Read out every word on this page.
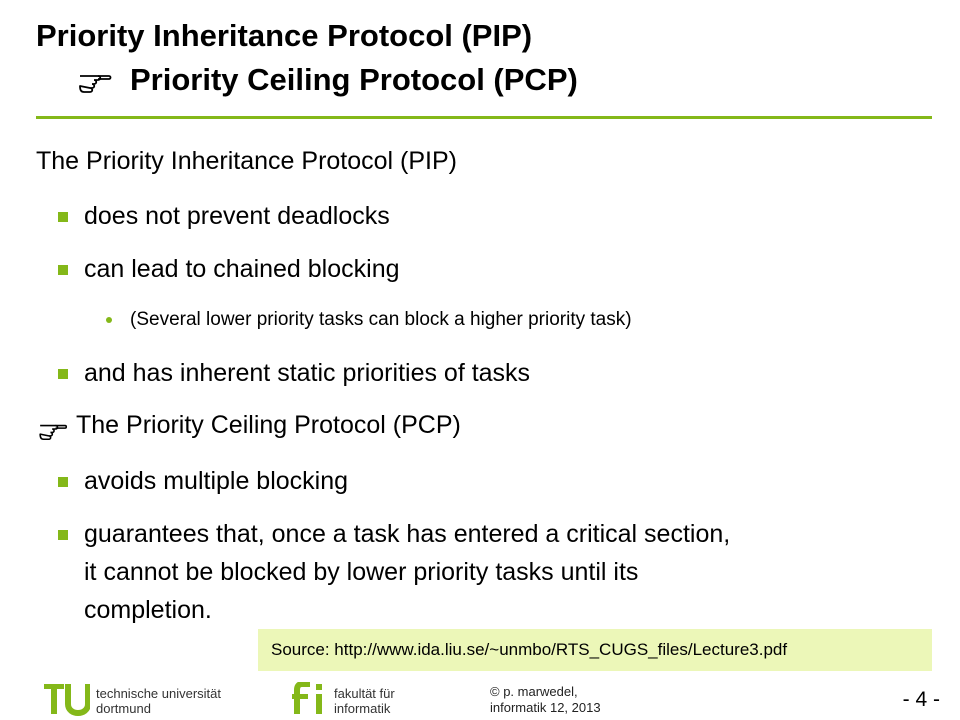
Priority Inheritance Protocol (PIP)
Priority Ceiling Protocol (PCP)
The Priority Inheritance Protocol (PIP)
does not prevent deadlocks
can lead to chained blocking
(Several lower priority tasks can block a higher priority task)
and has inherent static priorities of tasks
The Priority Ceiling Protocol (PCP)
avoids multiple blocking
guarantees that, once a task has entered a critical section,
it cannot be blocked by lower priority tasks until its
completion.
Source: http://www.ida.liu.se/~unmbo/RTS_CUGS_files/Lecture3.pdf
technische universität
dortmund
fakultät für
informatik
© p. marwedel,
informatik 12, 2013	- 4 -
